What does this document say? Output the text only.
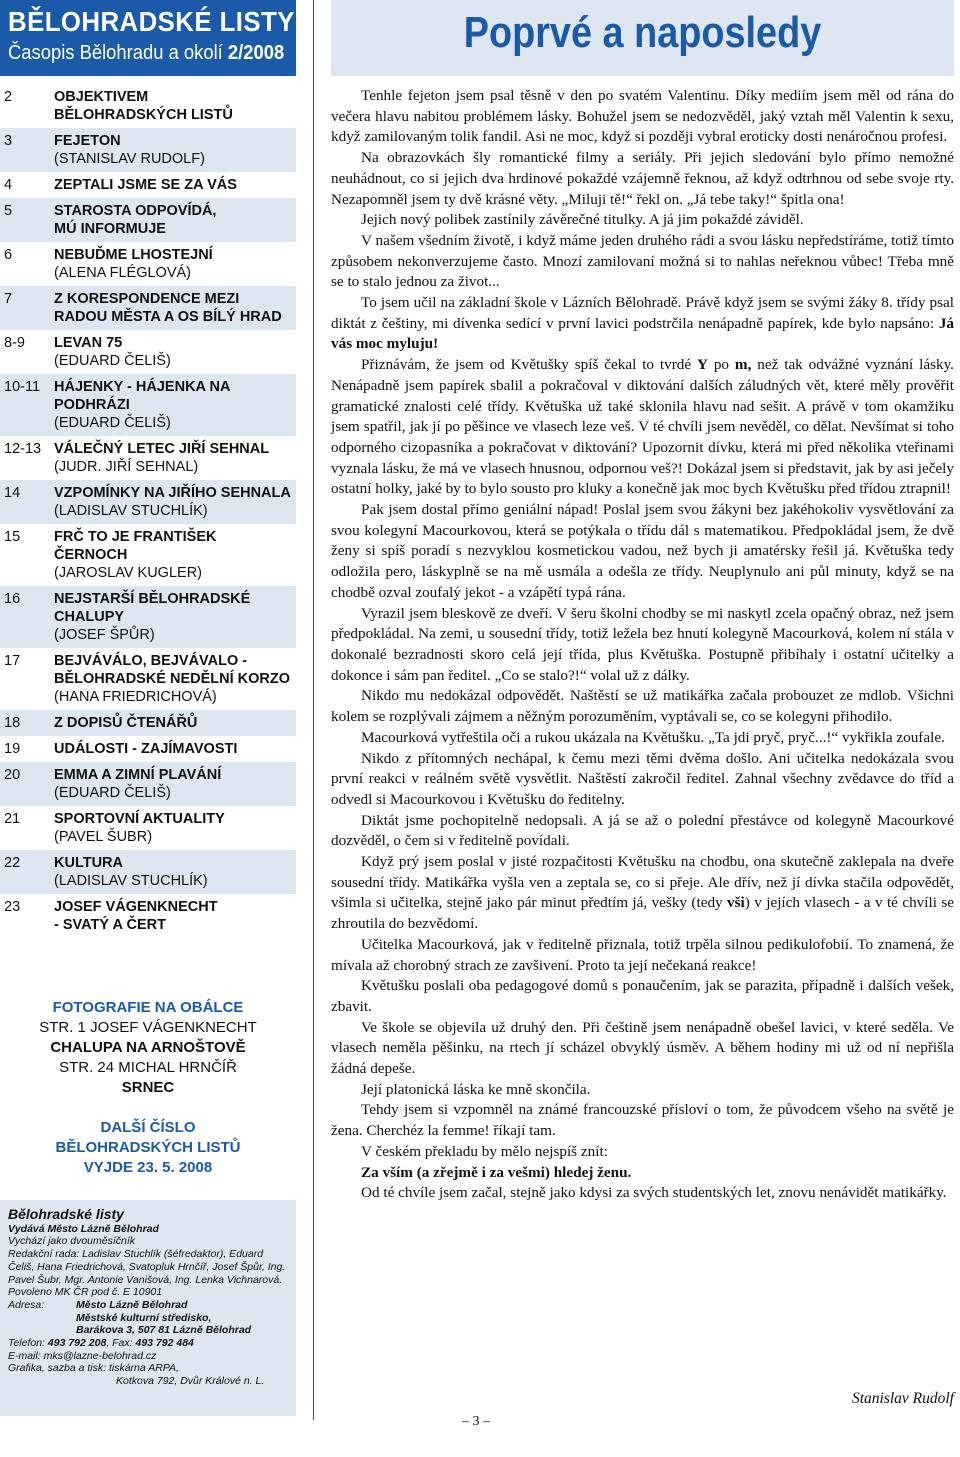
BĚLOHRADSKÉ LISTY
Časopis Bělohradu a okolí 2/2008
2	OBJEKTIVEM
BĚLOHRADSKÝCH LISTŮ
3	FEJETON
(STANISLAV RUDOLF)
4	ZEPTALI JSME SE ZA VÁS
5	STAROSTA ODPOVÍDÁ,
MÚ INFORMUJE
6	NEBUĎME LHOSTEJNÍ
(ALENA FLÉGLOVÁ)
7	Z KORESPONDENCE MEZI
RADOU MĚSTA A OS BÍLÝ HRAD
8-9 LEVAN 75
(EDUARD ČELIŠ)
10-11 HÁJENKY - HÁJENKA NA
PODHRÁZI
(EDUARD ČELIŠ)
12-13 VÁLEČNÝ LETEC JIŘÍ SEHNAL
(JUDR. JIŘÍ SEHNAL)
14 VZPOMÍNKY NA JIŘÍHO SEHNALA
(LADISLAV STUCHLÍK)
15 FRČ TO JE FRANTIŠEK ČERNOCH
(JAROSLAV KUGLER)
16 NEJSTARŠÍ BĚLOHRADSKÉ
CHALUPY
(JOSEF ŠPŮR)
17 BEJVÁVÁLO, BEJVÁVALO -
BĚLOHRADSKÉ NEDĚLNÍ KORZO
(HANA FRIEDRICHOVÁ)
18 Z DOPISŮ ČTENÁŘŮ
19 UDÁLOSTI - ZAJÍMAVOSTI
20 EMMA A ZIMNÍ PLAVÁNÍ
(EDUARD ČELIŠ)
21 SPORTOVNÍ AKTUALITY
(PAVEL ŠUBR)
22 KULTURA
(LADISLAV STUCHLÍK)
23 JOSEF VÁGENKNECHT
- SVATÝ A ČERT
FOTOGRAFIE NA OBÁLCE
STR. 1 JOSEF VÁGENKNECHT
CHALUPA NA ARNOŠTOVĚ
STR. 24 MICHAL HRNČÍŘ
SRNEC
DALŠÍ ČÍSLO
BĚLOHRADSKÝCH LISTŮ
VYJDE 23. 5. 2008
Bělohradské listy
Vydává Město Lázně Bělohrad
Vychází jako dvouměsíčník
Redakční rada: Ladislav Stuchlík (šéfredaktor), Eduard Čeliš, Hana Friedrichová, Svatopluk Hrnčíř, Josef Špůr, Ing. Pavel Šubr, Mgr. Antonie Vanišová, Ing. Lenka Vichnarová.
Povoleno MK ČR pod č. E 10901
Adresa:	Město Lázně Bělohrad
Městské kulturní středisko,
Barákova 3, 507 81 Lázně Bělohrad
Telefon: 493 792 208, Fax: 493 792 484
E-mail: mks@lazne-belohrad.cz
Grafika, sazba a tisk: tiskárna ARPA,
Kotkova 792, Dvůr Králové n. L.
Poprvé a naposledy

Tenhle fejeton jsem psal těsně v den po svatém Valentinu. Díky mediím jsem měl od rána do večera hlavu nabitou problémem lásky. Bohužel jsem se nedozvěděl, jaký vztah měl Valentin k sexu, když zamilovaným tolik fandil. Asi ne moc, když si později vybral eroticky dosti nenáročnou profesi.

Na obrazovkách šly romantické filmy a seriály. Při jejich sledování bylo přímo nemožné neuhádnout, co si jejich dva hrdinové pokaždé vzájemně řeknou, až když odtrhnou od sebe svoje rty. Nezapomněl jsem ty dvě krásné věty. „Miluji tě!“ řekl on. „Já tebe taky!“ špitla ona!

Jejich nový polibek zastínily závěrečné titulky. A já jim pokaždé záviděl.

V našem všedním životě, i když máme jeden druhého rádi a svou lásku nepředstíráme, totiž tímto způsobem nekonverzujeme často. Mnozí zamilovaní možná si to nahlas neřeknou vůbec! Třeba mně se to stalo jednou za život...

To jsem učil na základní škole v Lázních Bělohradě. Právě když jsem se svými žáky 8. třídy psal diktát z češtiny, mi dívenka sedící v první lavici podstrčila nenápadně papírek, kde bylo napsáno: Já vás moc myluju!

Přiznávám, že jsem od Květušky spíš čekal to tvrdé Y po m, než tak odvážné vyznání lásky. Nenápadně jsem papírek sbalil a pokračoval v diktování dalších záludných vět, které měly prověřit gramatické znalosti celé třídy. Květuška už také sklonila hlavu nad sešit. A právě v tom okamžiku jsem spatřil, jak jí po pěšince ve vlasech leze veš. V té chvíli jsem nevěděl, co dělat. Nevšímat si toho odporného cizopasníka a pokračovat v diktování? Upozornit dívku, která mi před několika vteřinami vyznala lásku, že má ve vlasech hnusnou, odpornou veš?! Dokázal jsem si představit, jak by asi ječely ostatní holky, jaké by to bylo sousto pro kluky a konečně jak moc bych Květušku před třídou ztrapnil!

Pak jsem dostal přímo geniální nápad! Poslal jsem svou žákyni bez jakéhokoliv vysvětlování za svou kolegyní Macourkovou, která se potýkala o třídu dál s matematikou. Předpokládal jsem, že dvě ženy si spíš poradí s nezvyklou kosmetickou vadou, než bych ji amatérsky řešil já. Květuška tedy odložila pero, láskyplně se na mě usmála a odešla ze třídy. Neuplynulo ani půl minuty, když se na chodbě ozval zoufalý jekot - a vzápětí typá rána.

Vyrazil jsem bleskově ze dveří. V šeru školní chodby se mi naskytl zcela opačný obraz, než jsem předpokládal. Na zemi, u sousední třídy, totiž ležela bez hnutí kolegyně Macourková, kolem ní stála v dokonalé bezradnosti skoro celá její třída, plus Květuška. Postupně přibíhaly i ostatní učitelky a dokonce i sám pan ředitel. „Co se stalo?!“ volal už z dálky.

Nikdo mu nedokázal odpovědět. Naštěstí se už matikářka začala probouzet ze mdlob. Všichni kolem se rozplývali zájmem a něžným porozuměním, vyptávali se, co se kolegyni přihodilo.

Macourková vytřeštila oči a rukou ukázala na Květušku. „Ta jdi pryč, pryč...!“ vykřikla zoufale.

Nikdo z přítomných nechápal, k čemu mezi těmi dvěma došlo. Ani učitelka nedokázala svou první reakci v reálném světě vysvětlit. Naštěstí zakročil ředitel. Zahnal všechny zvědavce do tříd a odvedl si Macourkovou i Květušku do ředitelny.

Diktát jsme pochopitelně nedopsali. A já se až o polední přestávce od kolegyně Macourkové dozvěděl, o čem si v ředitelně povídali.

Když prý jsem poslal v jisté rozpačitosti Květušku na chodbu, ona skutečně zaklepala na dveře sousední třídy. Matikářka vyšla ven a zeptala se, co si přeje. Ale dřív, než jí dívka stačila odpovědět, všimla si učitelka, stejně jako pár minut předtím já, vešky (tedy vši) v jejích vlasech - a v té chvíli se zhroutila do bezvědomí.

Učitelka Macourková, jak v ředitelně přiznala, totiž trpěla silnou pedikulofobií. To znamená, že mívala až chorobný strach ze zavšivení. Proto ta její nečekaná reakce!

Květušku poslali oba pedagogové domů s ponaučením, jak se parazita, případně i dalších vešek, zbavit.

Ve škole se objevila už druhý den. Při češtině jsem nenápadně obešel lavici, v které seděla. Ve vlasech neměla pěšinku, na rtech jí scházel obvyklý úsměv. A během hodiny mi už od ní nepřišla žádná depeše.

Její platonická láska ke mně skončila.

Tehdy jsem si vzpomněl na známé francouzské přísloví o tom, že původcem všeho na světě je žena. Cherchéz la femme! říkají tam.

V českém překladu by mělo nejspíš znít:

Za vším (a zřejmě i za vešmi) hledej ženu.

Od té chvíle jsem začal, stejně jako kdysi za svých studentských let, znovu nenávidět matikářky.

Stanislav Rudolf
– 3 –
